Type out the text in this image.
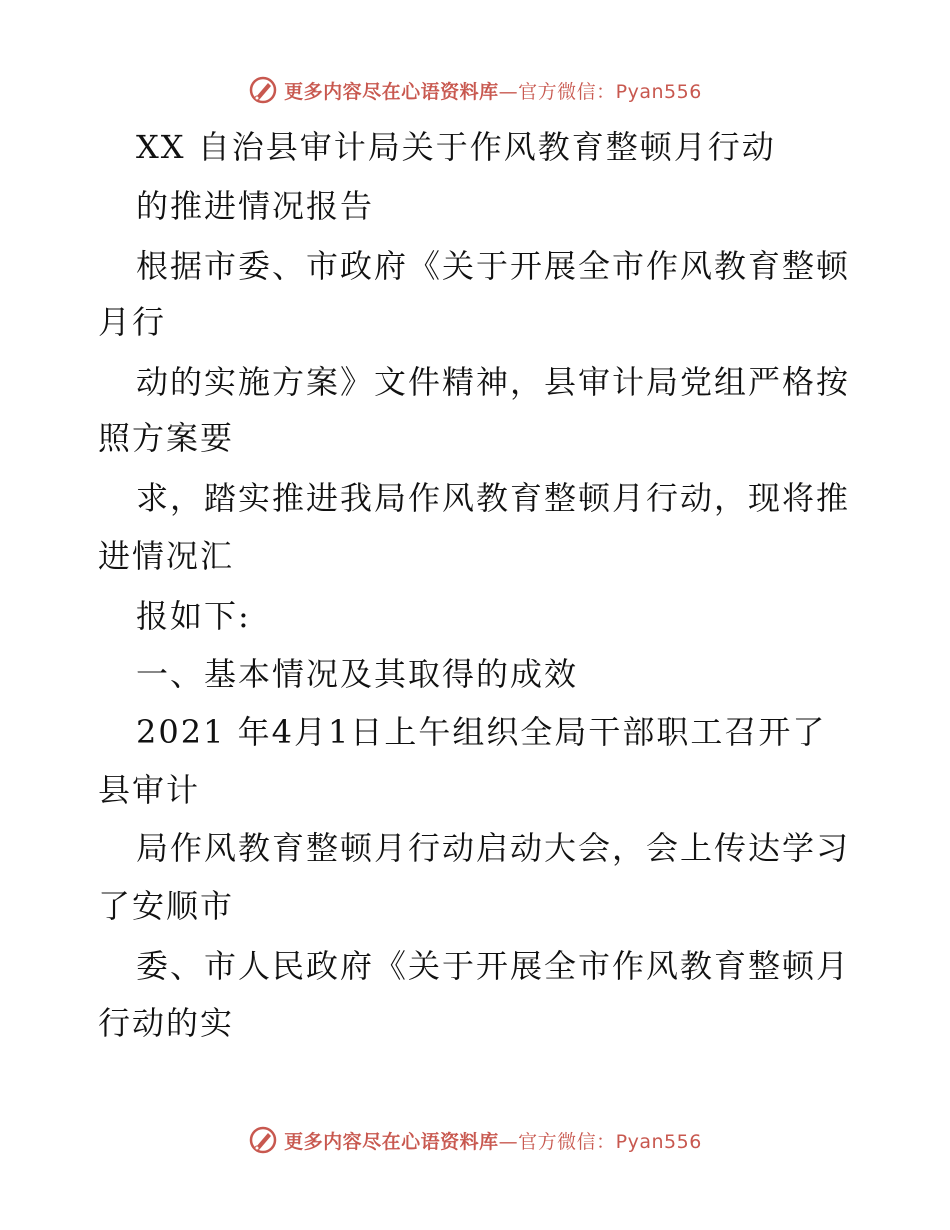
更多内容尽在心语资料库—官方微信：Pyan556
XX 自治县审计局关于作风教育整顿月行动
的推进情况报告
根据市委、市政府《关于开展全市作风教育整顿
月行
动的实施方案》文件精神，县审计局党组严格按
照方案要
求，踏实推进我局作风教育整顿月行动，现将推
进情况汇
报如下:
一、基本情况及其取得的成效
2021 年4月1日上午组织全局干部职工召开了
县审计
局作风教育整顿月行动启动大会，会上传达学习
了安顺市
委、市人民政府《关于开展全市作风教育整顿月
行动的实
更多内容尽在心语资料库—官方微信：Pyan556
